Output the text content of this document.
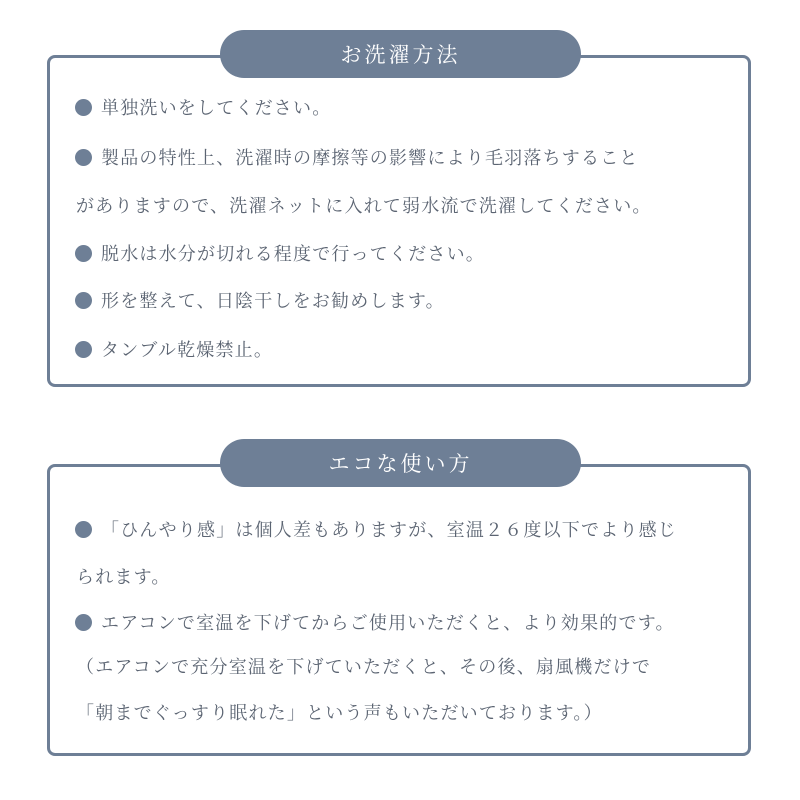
お洗濯方法
単独洗いをしてください。
製品の特性上、洗濯時の摩擦等の影響により毛羽落ちすること
がありますので、洗濯ネットに入れて弱水流で洗濯してください。
脱水は水分が切れる程度で行ってください。
形を整えて、日陰干しをお勧めします。
タンブル乾燥禁止。
エコな使い方
「ひんやり感」は個人差もありますが、室温２６度以下でより感じ
られます。
エアコンで室温を下げてからご使用いただくと、より効果的です。
（エアコンで充分室温を下げていただくと、その後、扇風機だけで
「朝までぐっすり眠れた」という声もいただいております。）
